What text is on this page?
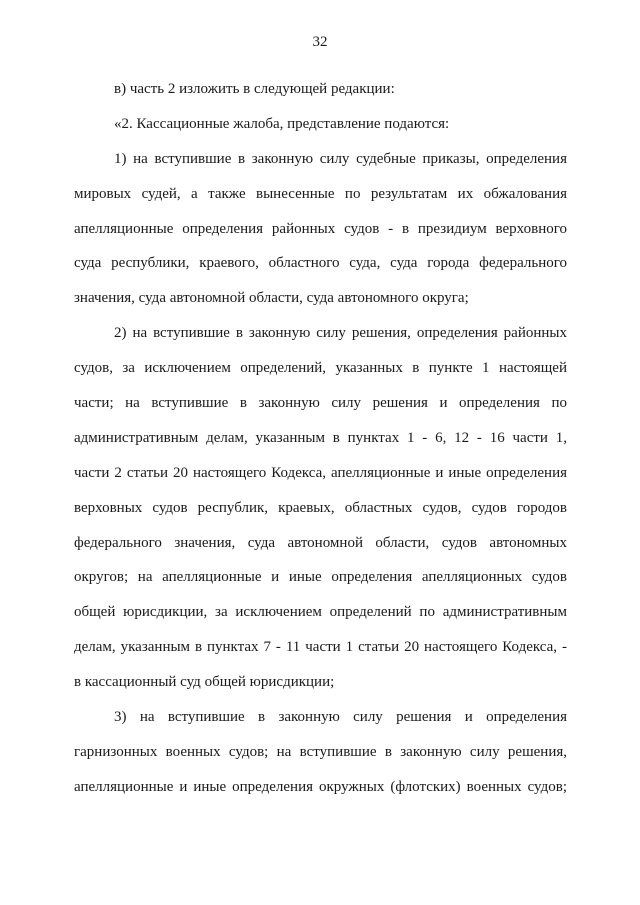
32
в) часть 2 изложить в следующей редакции:
«2. Кассационные жалоба, представление подаются:
1) на вступившие в законную силу судебные приказы, определения
мировых судей, а также вынесенные по результатам их обжалования
апелляционные определения районных судов - в президиум верховного
суда республики, краевого, областного суда, суда города федерального
значения, суда автономной области, суда автономного округа;
2) на вступившие в законную силу решения, определения районных
судов, за исключением определений, указанных в пункте 1 настоящей
части; на вступившие в законную силу решения и определения по
административным делам, указанным в пунктах 1 - 6, 12 - 16 части 1,
части 2 статьи 20 настоящего Кодекса, апелляционные и иные определения
верховных судов республик, краевых, областных судов, судов городов
федерального значения, суда автономной области, судов автономных
округов; на апелляционные и иные определения апелляционных судов
общей юрисдикции, за исключением определений по административным
делам, указанным в пунктах 7 - 11 части 1 статьи 20 настоящего Кодекса, -
в кассационный суд общей юрисдикции;
3) на вступившие в законную силу решения и определения
гарнизонных военных судов; на вступившие в законную силу решения,
апелляционные и иные определения окружных (флотских) военных судов;
